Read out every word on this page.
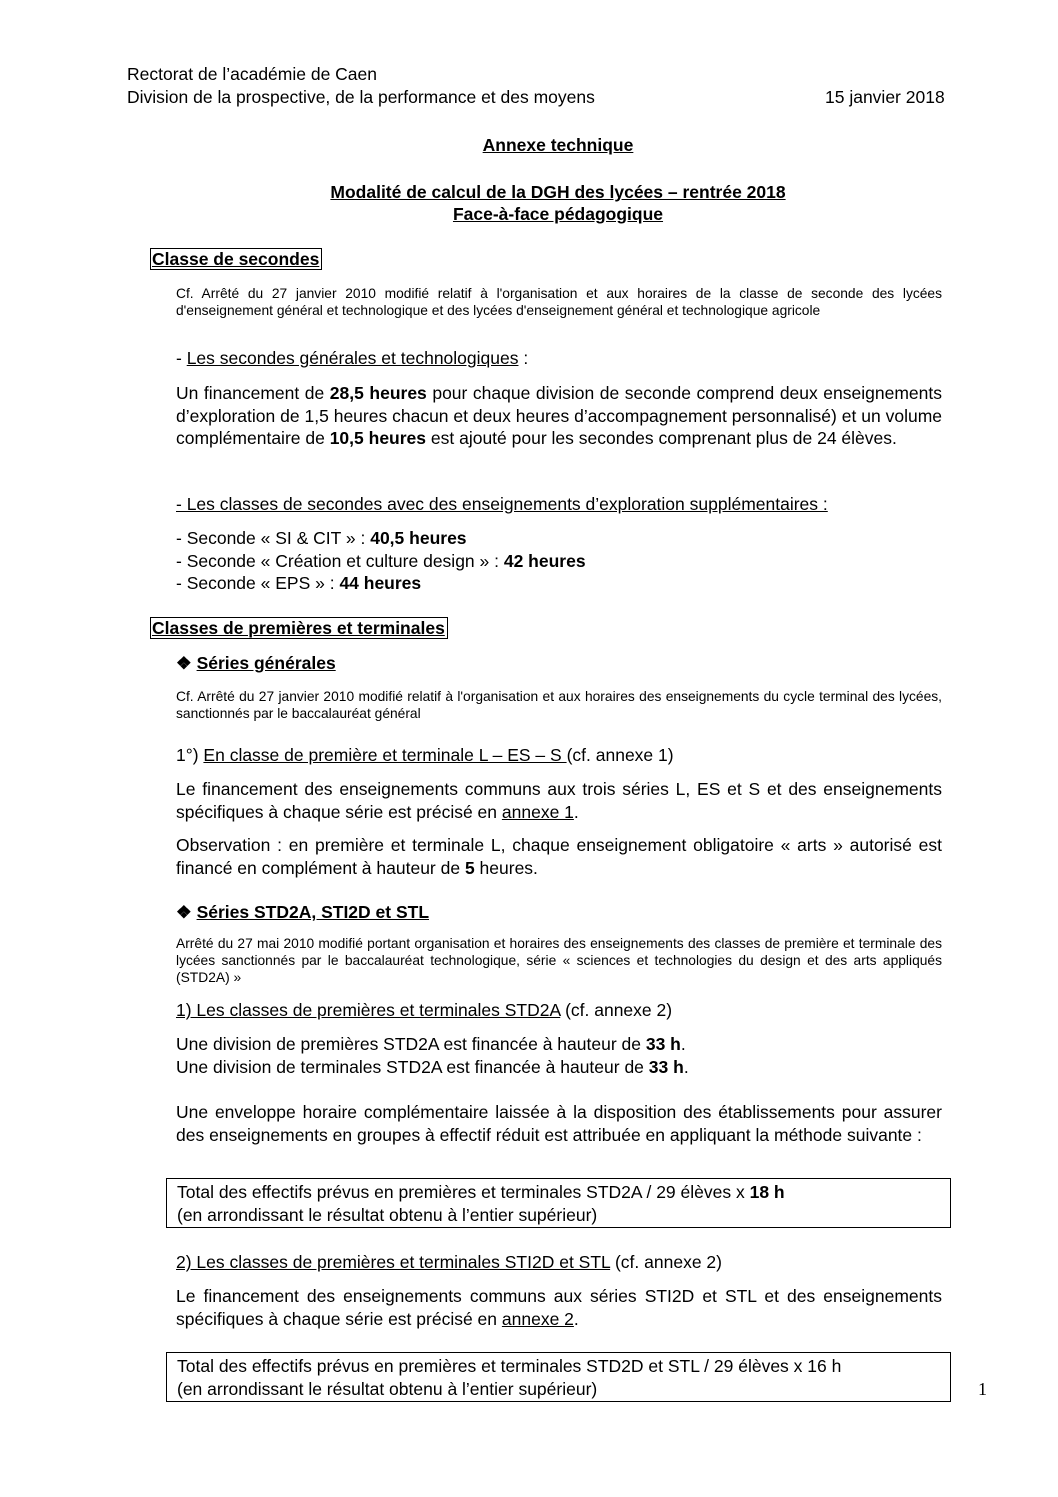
Rectorat de l’académie de Caen
Division de la prospective, de la performance et des moyens	15 janvier 2018
Annexe technique
Modalité de calcul de la DGH des lycées – rentrée 2018
Face-à-face pédagogique
Classe de secondes
Cf. Arrêté du 27 janvier 2010 modifié relatif à l'organisation et aux horaires de la classe de seconde des lycées d'enseignement général et technologique et des lycées d'enseignement général et technologique agricole
- Les secondes générales et technologiques :
Un financement de 28,5 heures pour chaque division de seconde comprend deux enseignements d’exploration de 1,5 heures chacun et deux heures d’accompagnement personnalisé) et un volume complémentaire de 10,5 heures est ajouté pour les secondes comprenant plus de 24 élèves.
- Les classes de secondes avec des enseignements d’exploration supplémentaires :
- Seconde « SI & CIT » : 40,5 heures
- Seconde « Création et culture design » : 42 heures
- Seconde « EPS » : 44 heures
Classes de premières et terminales
❖ Séries générales
Cf. Arrêté du 27 janvier 2010 modifié relatif à l'organisation et aux horaires des enseignements du cycle terminal des lycées, sanctionnés par le baccalauréat général
1°) En classe de première et terminale L – ES – S (cf. annexe 1)
Le financement des enseignements communs aux trois séries L, ES et S et des enseignements spécifiques à chaque série est précisé en annexe 1.
Observation : en première et terminale L, chaque enseignement obligatoire « arts » autorisé est financé en complément à hauteur de 5 heures.
❖ Séries STD2A, STI2D et STL
Arrêté du 27 mai 2010 modifié portant organisation et horaires des enseignements des classes de première et terminale des lycées sanctionnés par le baccalauréat technologique, série « sciences et technologies du design et des arts appliqués (STD2A) »
1) Les classes de premières et terminales STD2A (cf. annexe 2)
Une division de premières STD2A est financée à hauteur de 33 h.
Une division de terminales STD2A est financée à hauteur de 33 h.
Une enveloppe horaire complémentaire laissée à la disposition des établissements pour assurer des enseignements en groupes à effectif réduit est attribuée en appliquant la méthode suivante :
Total des effectifs prévus en premières et terminales STD2A / 29 élèves x 18 h
(en arrondissant le résultat obtenu à l’entier supérieur)
2) Les classes de premières et terminales STI2D et STL (cf. annexe 2)
Le financement des enseignements communs aux séries STI2D et STL et des enseignements spécifiques à chaque série est précisé en annexe 2.
Total des effectifs prévus en premières et terminales STD2D et STL / 29 élèves x 16 h
(en arrondissant le résultat obtenu à l’entier supérieur)	1
